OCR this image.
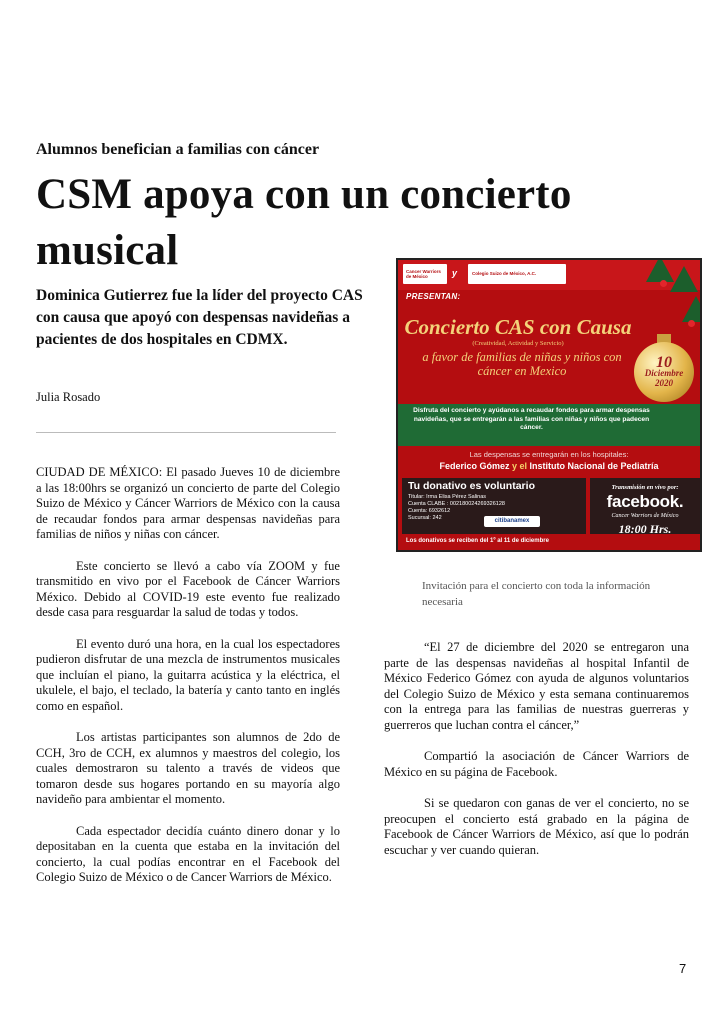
Alumnos benefician a familias con cáncer

CSM apoya con un concierto musical

Dominica Gutierrez fue la líder del proyecto CAS con causa que apoyó con despensas navideñas a pacientes de dos hospitales en CDMX.

Julia Rosado

CIUDAD DE MÉXICO: El pasado Jueves 10 de diciembre a las 18:00hrs se organizó un concierto de parte del Colegio Suizo de México y Cáncer Warriors de México con la causa de recaudar fondos para armar despensas navideñas para familias de niños y niñas con cáncer.

Este concierto se llevó a cabo vía ZOOM y fue transmitido en vivo por el Facebook de Cáncer Warriors México. Debido al COVID-19 este evento fue realizado desde casa para resguardar la salud de todas y todos.

El evento duró una hora, en la cual los espectadores pudieron disfrutar de una mezcla de instrumentos musicales que incluían el piano, la guitarra acústica y la eléctrica, el ukulele, el bajo, el teclado, la batería y canto tanto en inglés como en español.

Los artistas participantes son alumnos de 2do de CCH, 3ro de CCH, ex alumnos y maestros del colegio, los cuales demostraron su talento a través de videos que tomaron desde sus hogares portando en su mayoría algo navideño para ambientar el momento.

Cada espectador decidía cuánto dinero donar y lo depositaban en la cuenta que estaba en la invitación del concierto, la cual podías encontrar en el Facebook del Colegio Suizo de México o de Cancer Warriors de México.

Cancer Warriors de México	y	Colegio Suizo de México, A.C.
PRESENTAN:
Concierto CAS con Causa
(Creatividad, Actividad y Servicio)
a favor de familias de niñas y niños con cáncer en Mexico	10
Diciembre
2020
Disfruta del concierto y ayúdanos a recaudar fondos para armar despensas navideñas, que se entregarán a las familias con niñas y niños que padecen cáncer.
Las despensas se entregarán en los hospitales:
Federico Gómez y el Instituto Nacional de Pediatría
Tu donativo es voluntario
Titular: Irma Elisa Pérez Salinas
Cuenta CLABE : 002180024269326128
Cuenta: 6932612
Sucursal: 242	citibanamex
Transmisión en vivo por:
facebook.
Cancer Warriors de México
18:00 Hrs.
Los donativos se reciben del 1º al 11 de diciembre

Invitación para el concierto con toda la información necesaria

“El 27 de diciembre del 2020 se entregaron una parte de las despensas navideñas al hospital Infantil de México Federico Gómez con ayuda de algunos voluntarios del Colegio Suizo de México y esta semana continuaremos con la entrega para las familias de nuestras guerreras y guerreros que luchan contra el cáncer,”

Compartió la asociación de Cáncer Warriors de México en su página de Facebook.

Si se quedaron con ganas de ver el concierto, no se preocupen el concierto está grabado en la página de Facebook de Cáncer Warriors de México, así que lo podrán escuchar y ver cuando quieran.

7
